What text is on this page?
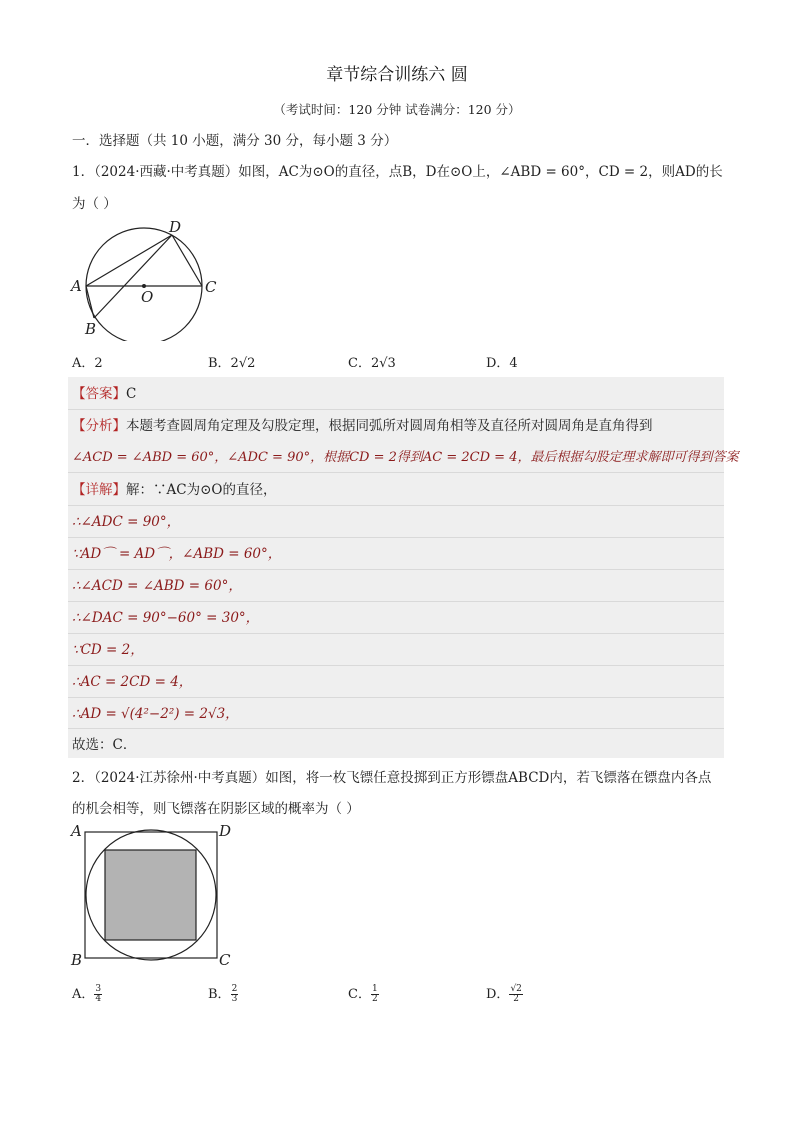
章节综合训练六 圆
（考试时间：120 分钟 试卷满分：120 分）
一．选择题（共 10 小题，满分 30 分，每小题 3 分）
1．（2024·西藏·中考真题）如图，AC为⊙O的直径，点B，D在⊙O上，∠ABD = 60°，CD = 2，则AD的长
为（ ）
D
A	C
O
B
A．2	B．2√2	C．2√3	D．4
【答案】C
【分析】本题考查圆周角定理及勾股定理，根据同弧所对圆周角相等及直径所对圆周角是直角得到
∠ACD = ∠ABD = 60°，∠ADC = 90°，根据CD = 2得到AC = 2CD = 4，最后根据勾股定理求解即可得到答案
【详解】解：∵AC为⊙O的直径，
∴∠ADC = 90°，
∵AD⌒ = AD⌒，∠ABD = 60°，
∴∠ACD = ∠ABD = 60°，
∴∠DAC = 90°−60° = 30°，
∵CD = 2，
∴AC = 2CD = 4，
∴AD = √(4²−2²) = 2√3，
故选：C．
2．（2024·江苏徐州·中考真题）如图，将一枚飞镖任意投掷到正方形镖盘ABCD内，若飞镖落在镖盘内各点
的机会相等，则飞镖落在阴影区域的概率为（ ）
A	D
B	C
A． $\frac{3}{4}$	B． $\frac{2}{3}$	C． $\frac{1}{2}$	D． $\frac{√2}{2}$
